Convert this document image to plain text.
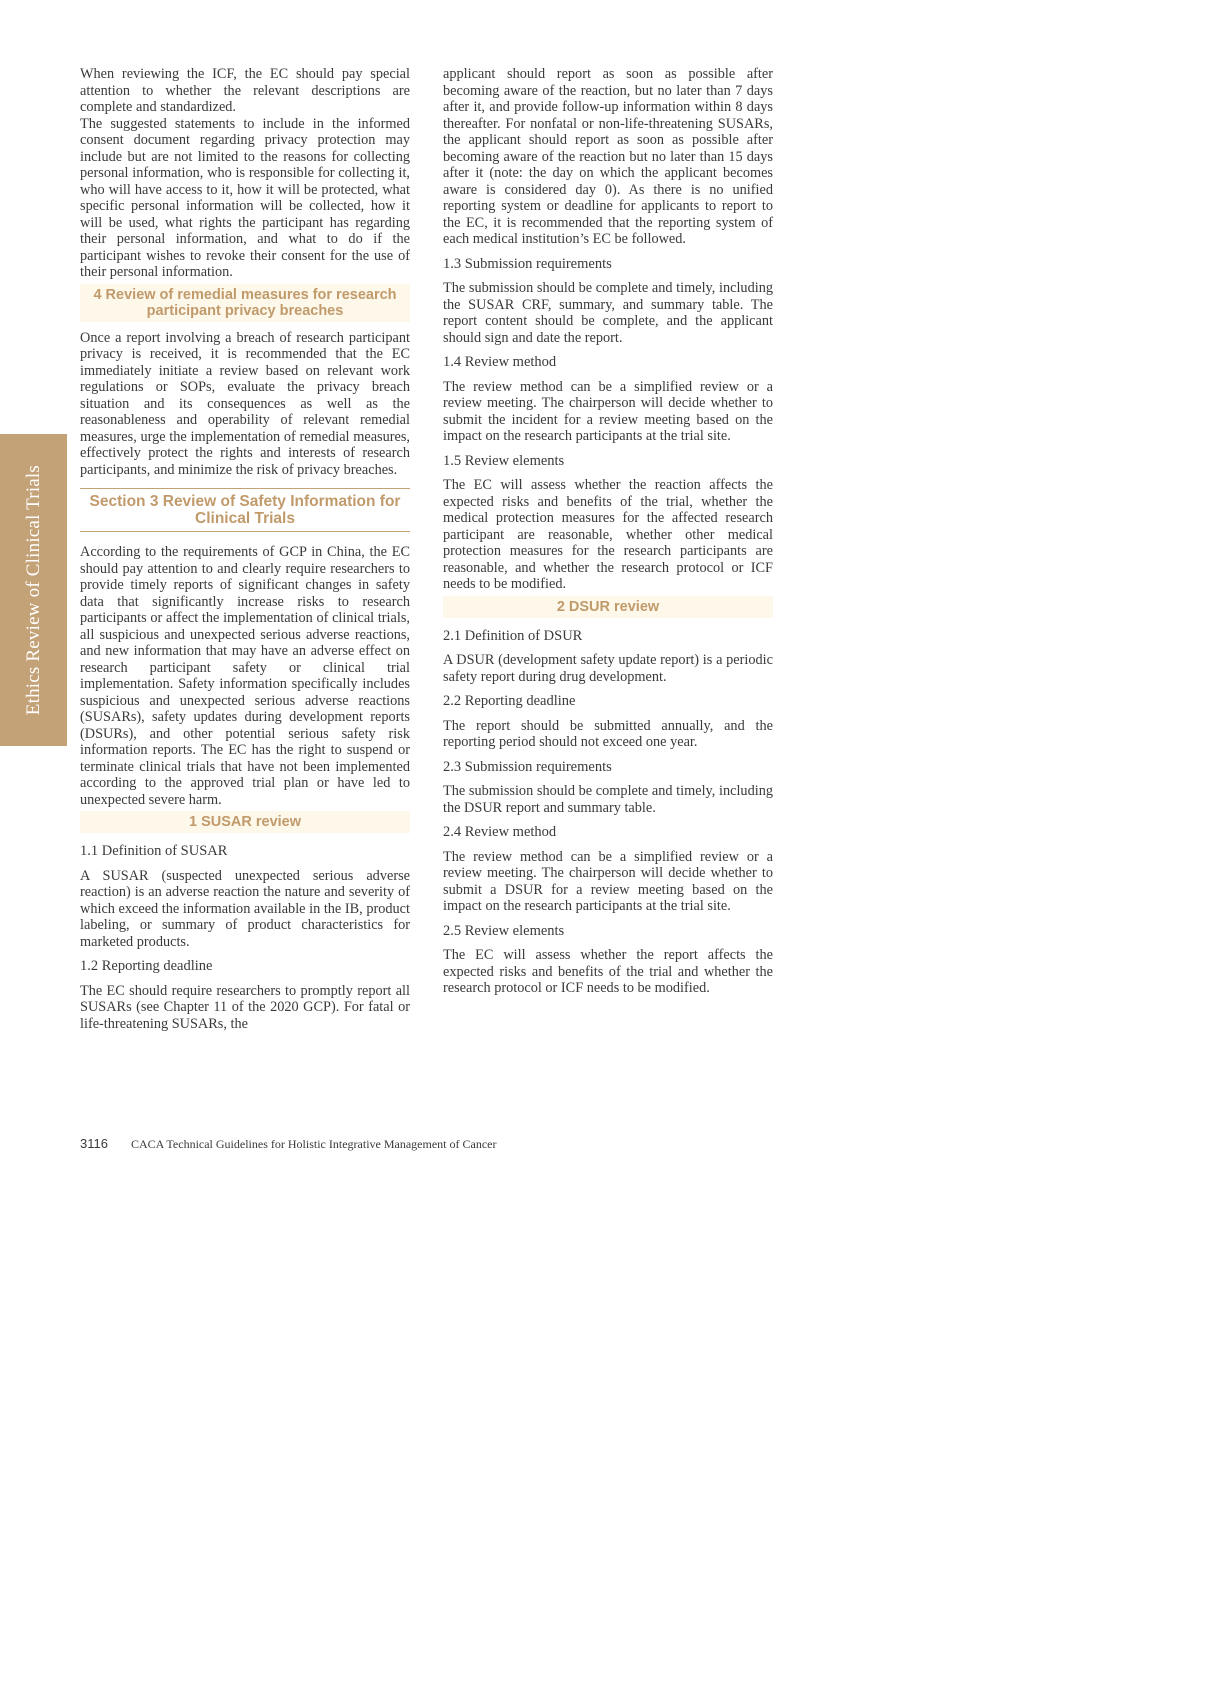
Ethics Review of Clinical Trials

When reviewing the ICF, the EC should pay special attention to whether the relevant descriptions are complete and standardized.

The suggested statements to include in the informed consent document regarding privacy protection may include but are not limited to the reasons for collecting personal information, who is responsible for collecting it, who will have access to it, how it will be protected, what specific personal information will be collected, how it will be used, what rights the participant has regarding their personal information, and what to do if the participant wishes to revoke their consent for the use of their personal information.

4 Review of remedial measures for research participant privacy breaches

Once a report involving a breach of research participant privacy is received, it is recommended that the EC immediately initiate a review based on relevant work regulations or SOPs, evaluate the privacy breach situation and its consequences as well as the reasonableness and operability of relevant remedial measures, urge the implementation of remedial measures, effectively protect the rights and interests of research participants, and minimize the risk of privacy breaches.

Section 3 Review of Safety Information for Clinical Trials

According to the requirements of GCP in China, the EC should pay attention to and clearly require researchers to provide timely reports of significant changes in safety data that significantly increase risks to research participants or affect the implementation of clinical trials, all suspicious and unexpected serious adverse reactions, and new information that may have an adverse effect on research participant safety or clinical trial implementation. Safety information specifically includes suspicious and unexpected serious adverse reactions (SUSARs), safety updates during development reports (DSURs), and other potential serious safety risk information reports. The EC has the right to suspend or terminate clinical trials that have not been implemented according to the approved trial plan or have led to unexpected severe harm.

1 SUSAR review
1.1 Definition of SUSAR

A SUSAR (suspected unexpected serious adverse reaction) is an adverse reaction the nature and severity of which exceed the information available in the IB, product labeling, or summary of product characteristics for marketed products.

1.2 Reporting deadline

The EC should require researchers to promptly report all SUSARs (see Chapter 11 of the 2020 GCP). For fatal or life-threatening SUSARs, the

applicant should report as soon as possible after becoming aware of the reaction, but no later than 7 days after it, and provide follow-up information within 8 days thereafter. For nonfatal or non-life-threatening SUSARs, the applicant should report as soon as possible after becoming aware of the reaction but no later than 15 days after it (note: the day on which the applicant becomes aware is considered day 0). As there is no unified reporting system or deadline for applicants to report to the EC, it is recommended that the reporting system of each medical institution’s EC be followed.

1.3 Submission requirements

The submission should be complete and timely, including the SUSAR CRF, summary, and summary table. The report content should be complete, and the applicant should sign and date the report.

1.4 Review method

The review method can be a simplified review or a review meeting. The chairperson will decide whether to submit the incident for a review meeting based on the impact on the research participants at the trial site.

1.5 Review elements

The EC will assess whether the reaction affects the expected risks and benefits of the trial, whether the medical protection measures for the affected research participant are reasonable, whether other medical protection measures for the research participants are reasonable, and whether the research protocol or ICF needs to be modified.

2 DSUR review
2.1 Definition of DSUR

A DSUR (development safety update report) is a periodic safety report during drug development.

2.2 Reporting deadline

The report should be submitted annually, and the reporting period should not exceed one year.

2.3 Submission requirements

The submission should be complete and timely, including the DSUR report and summary table.

2.4 Review method

The review method can be a simplified review or a review meeting. The chairperson will decide whether to submit a DSUR for a review meeting based on the impact on the research participants at the trial site.

2.5 Review elements

The EC will assess whether the report affects the expected risks and benefits of the trial and whether the research protocol or ICF needs to be modified.

3116 CACA Technical Guidelines for Holistic Integrative Management of Cancer
